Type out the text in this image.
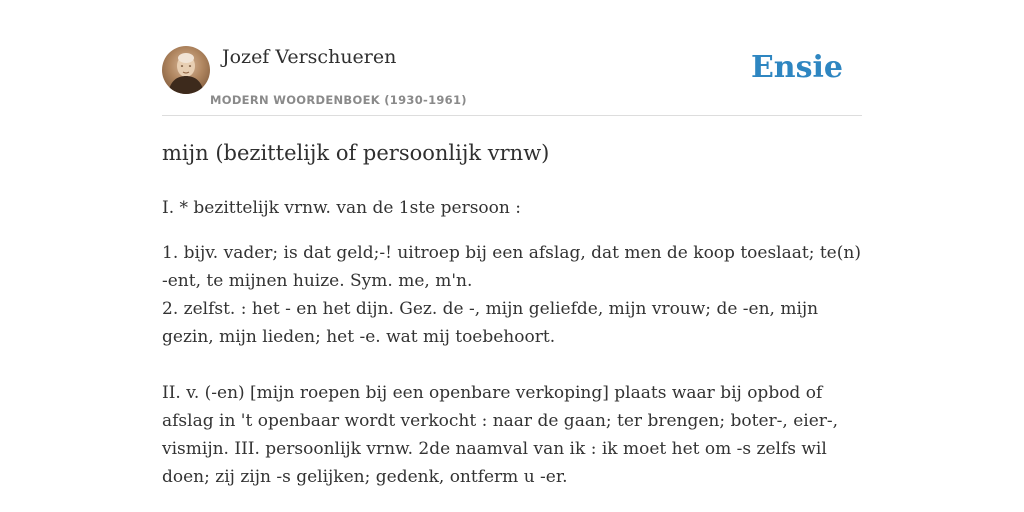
Jozef Verschueren
MODERN WOORDENBOEK (1930-1961)
Ensie
mijn (bezittelijk of persoonlijk vrnw)

I. * bezittelijk vrnw. van de 1ste persoon :

1. bijv. vader; is dat geld;-! uitroep bij een afslag, dat men de koop toeslaat; te(n)
-ent, te mijnen huize. Sym. me, m'n.
2. zelfst. : het - en het dijn. Gez. de -, mijn geliefde, mijn vrouw; de -en, mijn
gezin, mijn lieden; het -e. wat mij toebehoort.
II. v. (-en) [mijn roepen bij een openbare verkoping] plaats waar bij opbod of
afslag in 't openbaar wordt verkocht : naar de gaan; ter brengen; boter-, eier-,
vismijn. III. persoonlijk vrnw. 2de naamval van ik : ik moet het om -s zelfs wil
doen; zij zijn -s gelijken; gedenk, ontferm u -er.
